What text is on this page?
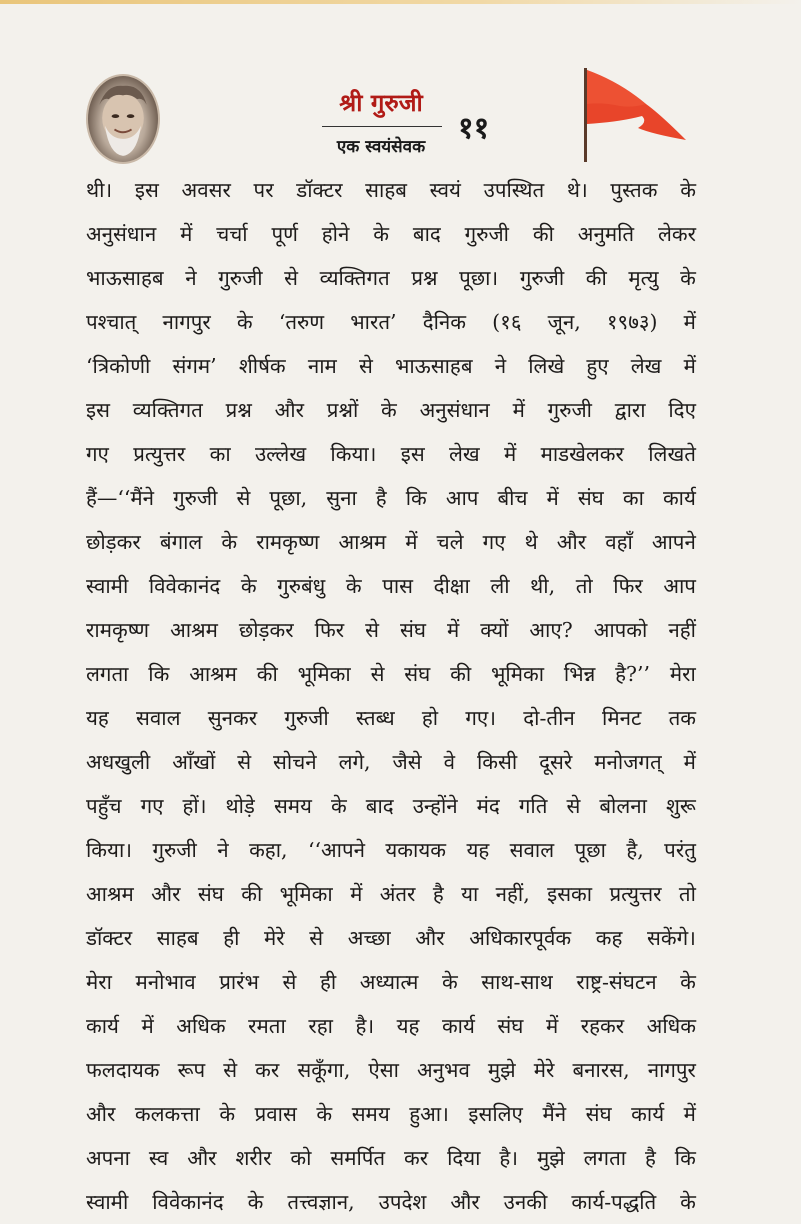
श्री गुरुजी
एक स्वयंसेवक
११
थी। इस अवसर पर डॉक्टर साहब स्वयं उपस्थित थे। पुस्तक के
अनुसंधान में चर्चा पूर्ण होने के बाद गुरुजी की अनुमति लेकर
भाऊसाहब ने गुरुजी से व्यक्तिगत प्रश्न पूछा। गुरुजी की मृत्यु के
पश्चात् नागपुर के ‘तरुण भारत’ दैनिक (१६ जून, १९७३) में
‘त्रिकोणी संगम’ शीर्षक नाम से भाऊसाहब ने लिखे हुए लेख में
इस व्यक्तिगत प्रश्न और प्रश्नों के अनुसंधान में गुरुजी द्वारा दिए
गए प्रत्युत्तर का उल्लेख किया। इस लेख में माडखेलकर लिखते
हैं—‘‘मैंने गुरुजी से पूछा, सुना है कि आप बीच में संघ का कार्य
छोड़कर बंगाल के रामकृष्ण आश्रम में चले गए थे और वहाँ आपने
स्वामी विवेकानंद के गुरुबंधु के पास दीक्षा ली थी, तो फिर आप
रामकृष्ण आश्रम छोड़कर फिर से संघ में क्यों आए? आपको नहीं
लगता कि आश्रम की भूमिका से संघ की भूमिका भिन्न है?’’ मेरा
यह सवाल सुनकर गुरुजी स्तब्ध हो गए। दो-तीन मिनट तक
अधखुली आँखों से सोचने लगे, जैसे वे किसी दूसरे मनोजगत् में
पहुँच गए हों। थोड़े समय के बाद उन्होंने मंद गति से बोलना शुरू
किया। गुरुजी ने कहा, ‘‘आपने यकायक यह सवाल पूछा है, परंतु
आश्रम और संघ की भूमिका में अंतर है या नहीं, इसका प्रत्युत्तर तो
डॉक्टर साहब ही मेरे से अच्छा और अधिकारपूर्वक कह सकेंगे।
मेरा मनोभाव प्रारंभ से ही अध्यात्म के साथ-साथ राष्ट्र-संघटन के
कार्य में अधिक रमता रहा है। यह कार्य संघ में रहकर अधिक
फलदायक रूप से कर सकूँगा, ऐसा अनुभव मुझे मेरे बनारस, नागपुर
और कलकत्ता के प्रवास के समय हुआ। इसलिए मैंने संघ कार्य में
अपना स्व और शरीर को समर्पित कर दिया है। मुझे लगता है कि
स्वामी विवेकानंद के तत्त्वज्ञान, उपदेश और उनकी कार्य-पद्धति के
